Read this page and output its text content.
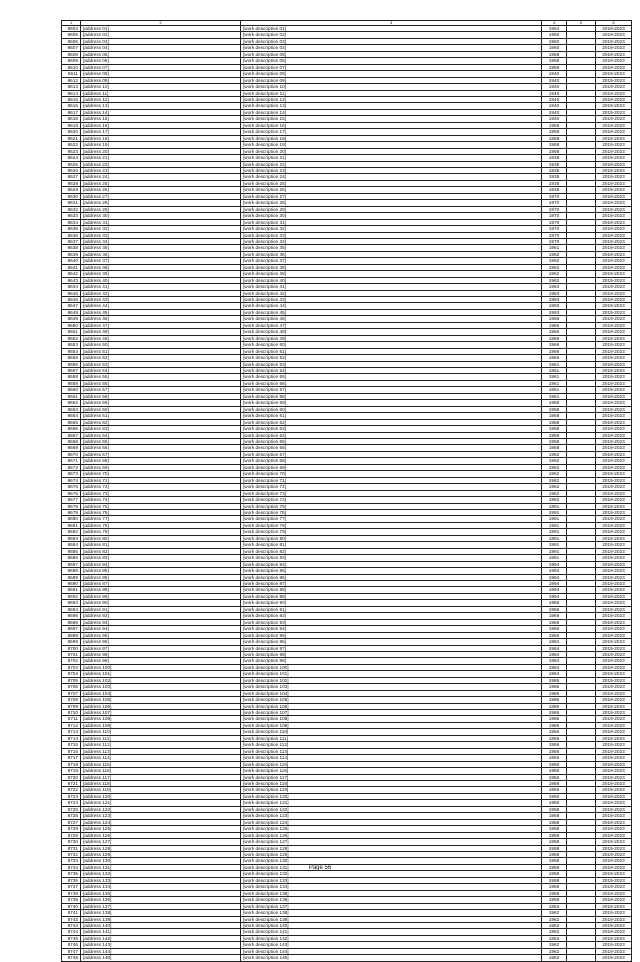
1	2	3	4	5	6
8604	[address 01]	[work description 01]	1964		2019-2023
8605	[address 02]	[work description 02]	1950		2019-2023
8606	[address 03]	[work description 03]	1960		2019-2023
8607	[address 04]	[work description 04]	1960		2019-2023
8608	[address 05]	[work description 05]	1958		2019-2023
8609	[address 06]	[work description 06]	1958		2019-2023
8610	[address 07]	[work description 07]	1958		2019-2023
8611	[address 08]	[work description 08]	1940		2019-2023
8612	[address 09]	[work description 09]	1940		2019-2023
8613	[address 10]	[work description 10]	1940		2019-2023
8614	[address 11]	[work description 11]	1940		2019-2023
8615	[address 12]	[work description 12]	1940		2019-2023
8616	[address 13]	[work description 13]	1940		2019-2023
8617	[address 14]	[work description 14]	1940		2019-2023
8618	[address 15]	[work description 15]	1940		2019-2023
8619	[address 16]	[work description 16]	1958		2019-2023
8620	[address 17]	[work description 17]	1958		2019-2023
8621	[address 18]	[work description 18]	1958		2019-2023
8622	[address 19]	[work description 19]	1958		2019-2023
8623	[address 20]	[work description 20]	1958		2019-2023
8624	[address 21]	[work description 21]	1935		2019-2023
8625	[address 22]	[work description 22]	1935		2019-2023
8626	[address 23]	[work description 23]	1935		2019-2023
8627	[address 24]	[work description 24]	1935		2019-2023
8628	[address 25]	[work description 25]	1935		2019-2023
8629	[address 26]	[work description 26]	1935		2019-2023
8630	[address 27]	[work description 27]	1970		2019-2023
8631	[address 28]	[work description 28]	1970		2019-2023
8632	[address 29]	[work description 29]	1970		2019-2023
8633	[address 30]	[work description 30]	1970		2019-2023
8634	[address 31]	[work description 31]	1970		2019-2023
8635	[address 32]	[work description 32]	1970		2019-2023
8636	[address 33]	[work description 33]	1970		2019-2023
8637	[address 34]	[work description 34]	1970		2019-2023
8638	[address 35]	[work description 35]	1961		2019-2023
8639	[address 36]	[work description 36]	1962		2019-2023
8640	[address 37]	[work description 37]	1962		2019-2023
8641	[address 38]	[work description 38]	1962		2019-2023
8642	[address 39]	[work description 39]	1962		2019-2023
8643	[address 40]	[work description 40]	1962		2019-2023
8644	[address 41]	[work description 41]	1993		2019-2023
8645	[address 42]	[work description 42]	1993		2019-2023
8646	[address 43]	[work description 43]	1993		2019-2023
8647	[address 44]	[work description 44]	1993		2019-2023
8648	[address 45]	[work description 45]	1993		2019-2023
8649	[address 46]	[work description 46]	1966		2019-2023
8650	[address 47]	[work description 47]	1966		2019-2023
8651	[address 48]	[work description 48]	1966		2019-2023
8652	[address 49]	[work description 49]	1966		2019-2023
8653	[address 50]	[work description 50]	1966		2019-2023
8654	[address 51]	[work description 51]	1966		2019-2023
8655	[address 52]	[work description 52]	1966		2019-2023
8656	[address 53]	[work description 53]	1961		2019-2023
8657	[address 54]	[work description 54]	1961		2019-2023
8658	[address 55]	[work description 55]	1961		2019-2023
8659	[address 56]	[work description 56]	1961		2019-2023
8660	[address 57]	[work description 57]	1961		2019-2023
8661	[address 58]	[work description 58]	1961		2019-2023
8662	[address 59]	[work description 59]	1958		2019-2023
8663	[address 60]	[work description 60]	1958		2019-2023
8664	[address 61]	[work description 61]	1958		2019-2023
8665	[address 62]	[work description 62]	1958		2019-2023
8666	[address 63]	[work description 63]	1958		2019-2023
8667	[address 64]	[work description 64]	1958		2019-2023
8668	[address 65]	[work description 65]	1958		2019-2023
8669	[address 66]	[work description 66]	1958		2019-2023
8670	[address 67]	[work description 67]	1962		2019-2023
8671	[address 68]	[work description 68]	1962		2019-2023
8672	[address 69]	[work description 69]	1962		2019-2023
8673	[address 70]	[work description 70]	1962		2019-2023
8674	[address 71]	[work description 71]	1962		2019-2023
8675	[address 72]	[work description 72]	1962		2019-2023
8676	[address 73]	[work description 73]	1962		2019-2023
8677	[address 74]	[work description 74]	1962		2019-2023
8678	[address 75]	[work description 75]	1991		2019-2023
8679	[address 76]	[work description 76]	1991		2019-2023
8680	[address 77]	[work description 77]	1991		2019-2023
8681	[address 78]	[work description 78]	1991		2019-2023
8682	[address 79]	[work description 79]	1991		2019-2023
8683	[address 80]	[work description 80]	1991		2019-2023
8684	[address 81]	[work description 81]	1991		2019-2023
8685	[address 82]	[work description 82]	1991		2019-2023
8686	[address 83]	[work description 83]	1991		2019-2023
8687	[address 84]	[work description 84]	1994		2019-2023
8688	[address 85]	[work description 85]	1994		2019-2023
8689	[address 86]	[work description 86]	1994		2019-2023
8690	[address 87]	[work description 87]	1994		2019-2023
8691	[address 88]	[work description 88]	1994		2019-2023
8692	[address 89]	[work description 89]	1994		2019-2023
8693	[address 90]	[work description 90]	1966		2019-2023
8694	[address 91]	[work description 91]	1966		2019-2023
8695	[address 92]	[work description 92]	1966		2019-2023
8696	[address 93]	[work description 93]	1966		2019-2023
8697	[address 94]	[work description 94]	1966		2019-2023
8698	[address 95]	[work description 95]	1966		2019-2023
8699	[address 96]	[work description 96]	1984		2019-2023
8700	[address 97]	[work description 97]	1984		2019-2023
8701	[address 98]	[work description 98]	1984		2019-2023
8702	[address 99]	[work description 99]	1984		2019-2023
8703	[address 100]	[work description 100]	1984		2019-2023
8704	[address 101]	[work description 101]	1984		2019-2023
8705	[address 102]	[work description 102]	1986		2019-2023
8706	[address 103]	[work description 103]	1986		2019-2023
8707	[address 104]	[work description 104]	1986		2019-2023
8708	[address 105]	[work description 105]	1986		2019-2023
8709	[address 106]	[work description 106]	1986		2019-2023
8710	[address 107]	[work description 107]	1986		2019-2023
8711	[address 108]	[work description 108]	1986		2019-2023
8712	[address 109]	[work description 109]	1986		2019-2023
8713	[address 110]	[work description 110]	1956		2019-2023
8714	[address 111]	[work description 111]	1956		2019-2023
8715	[address 112]	[work description 112]	1956		2019-2023
8716	[address 113]	[work description 113]	1956		2019-2023
8717	[address 114]	[work description 114]	1956		2019-2023
8718	[address 115]	[work description 115]	1956		2019-2023
8719	[address 116]	[work description 116]	1956		2019-2023
8720	[address 117]	[work description 117]	1956		2019-2023
8721	[address 118]	[work description 118]	1956		2019-2023
8722	[address 119]	[work description 119]	1956		2019-2023
8723	[address 120]	[work description 120]	1956		2019-2023
8724	[address 121]	[work description 121]	1956		2019-2023
8725	[address 122]	[work description 122]	1958		2019-2023
8726	[address 123]	[work description 123]	1958		2019-2023
8727	[address 124]	[work description 124]	1958		2019-2023
8728	[address 125]	[work description 125]	1958		2019-2023
8729	[address 126]	[work description 126]	1958		2019-2023
8730	[address 127]	[work description 127]	1958		2019-2023
8731	[address 128]	[work description 128]	1958		2019-2023
8732	[address 129]	[work description 129]	1958		2019-2023
8733	[address 130]	[work description 130]	1958		2019-2023
8734	[address 131]	[work description 131]	1958		2019-2023
8735	[address 132]	[work description 132]	1958		2019-2023
8736	[address 133]	[work description 133]	1958		2019-2023
8737	[address 134]	[work description 134]	1958		2019-2023
8738	[address 135]	[work description 135]	1958		2019-2023
8739	[address 136]	[work description 136]	1958		2019-2023
8740	[address 137]	[work description 137]	1962		2019-2023
8741	[address 138]	[work description 138]	1962		2019-2023
8742	[address 139]	[work description 139]	1962		2019-2023
8743	[address 140]	[work description 140]	1962		2019-2023
8744	[address 141]	[work description 141]	1962		2019-2023
8745	[address 142]	[work description 142]	1962		2019-2023
8746	[address 143]	[work description 143]	1962		2019-2023
8747	[address 144]	[work description 144]	1962		2019-2023
8748	[address 145]	[work description 145]	1962		2019-2023
Page 56
